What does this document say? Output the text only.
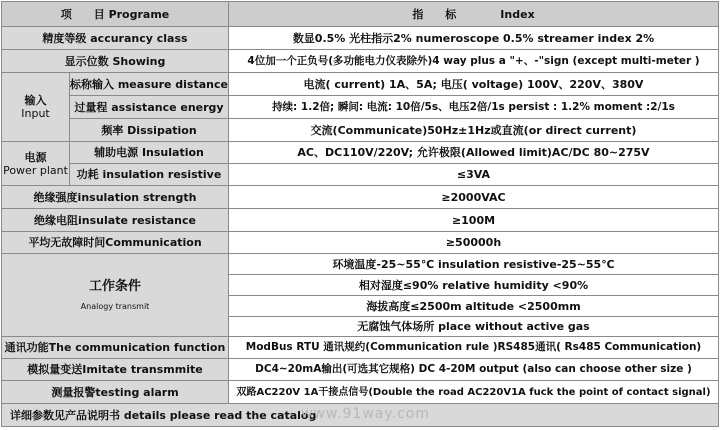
项　　目 Programe	指　　标　　　　Index
精度等级 accurancy class	数显0.5% 光柱指示2% numeroscope 0.5% streamer index 2%
显示位数 Showing	4位加一个正负号(多功能电力仪表除外)4 way plus a "+、-"sign (except multi-meter )
输入
Input
标称输入 measure distance	电流( current) 1A、5A; 电压( voltage) 100V、220V、380V
过量程 assistance energy	持续: 1.2倍; 瞬间: 电流: 10倍/5s、电压2倍/1s persist : 1.2% moment :2/1s
频率 Dissipation	交流(Communicate)50Hz±1Hz或直流(or direct current)
电源
Power plant
辅助电源 Insulation	AC、DC110V/220V; 允许极限(Allowed limit)AC/DC 80~275V
功耗 insulation resistive	≤3VA
绝缘强度insulation strength	≥2000VAC
绝缘电阻insulate resistance	≥100M
平均无故障时间Communication	≥50000h
工作条件
Analogy transmit
环境温度-25~55℃ insulation resistive-25~55℃
相对湿度≤90% relative humidity <90%
海拔高度≤2500m altitude <2500mm
无腐蚀气体场所 place without active gas
通讯功能The communication function	ModBus RTU 通讯规约(Communication rule )RS485通讯( Rs485 Communication)
模拟量变送Imitate transmmite	DC4~20mA输出(可选其它规格) DC 4-20M output (also can choose other size )
测量报警testing alarm	双路AC220V 1A干接点信号(Double the road AC220V1A fuck the point of contact signal)
详细参数见产品说明书 details please read the catalog
www.91way.com
